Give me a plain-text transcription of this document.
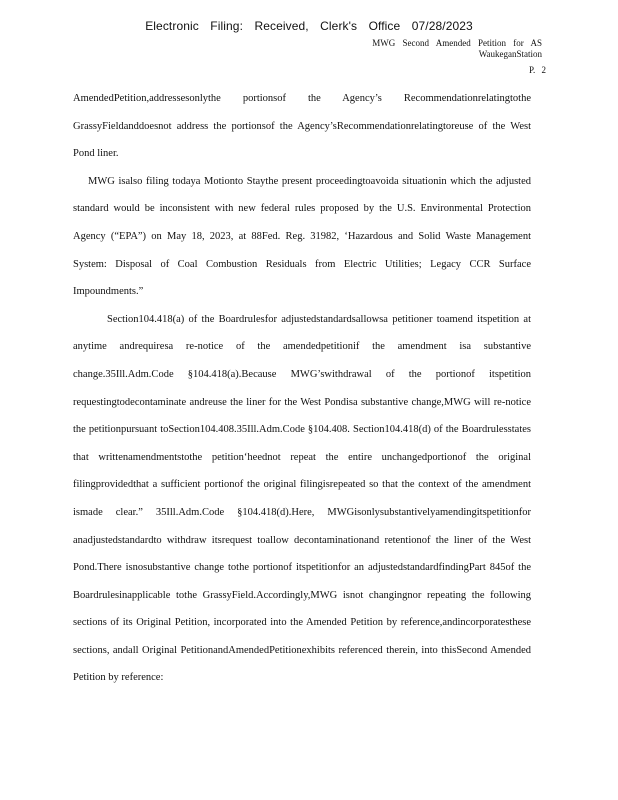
Electronic Filing: Received, Clerk's Office 07/28/2023
MWG Second Amended Petition for AS
WaukeganStation
P. 2

AmendedPetition,addressesonlythe portionsof the Agency’s Recommendationrelatingtothe GrassyFieldanddoesnot address the portionsof the Agency’sRecommendationrelatingtoreuse of the West Pond liner.

MWG isalso filing todaya Motionto Staythe present proceedingtoavoida situationin which the adjusted standard would be inconsistent with new federal rules proposed by the U.S. Environmental Protection Agency (“EPA”) on May 18, 2023, at 88Fed. Reg. 31982, ‘Hazardous and Solid Waste Management System: Disposal of Coal Combustion Residuals from Electric Utilities; Legacy CCR Surface Impoundments.”

Section104.418(a) of the Boardrulesfor adjustedstandardsallowsa petitioner toamend itspetition at anytime andrequiresa re-notice of the amendedpetitionif the amendment isa substantive change.35Ill.Adm.Code §104.418(a).Because MWG’swithdrawal of the portionof itspetition requestingtodecontaminate andreuse the liner for the West Pondisa substantive change,MWG will re-notice the petitionpursuant toSection104.408.35Ill.Adm.Code §104.408. Section104.418(d) of the Boardrulesstates that writtenamendmentstothe petition‘heednot repeat the entire unchangedportionof the original filingprovidedthat a sufficient portionof the original filingisrepeated so that the context of the amendment ismade clear.” 35Ill.Adm.Code §104.418(d).Here, MWGisonlysubstantivelyamendingitspetitionfor anadjustedstandardto withdraw itsrequest toallow decontaminationand retentionof the liner of the West Pond.There isnosubstantive change tothe portionof itspetitionfor an adjustedstandardfindingPart 845of the Boardrulesinapplicable tothe GrassyField.Accordingly,MWG isnot changingnor repeating the following sections of its Original Petition, incorporated into the Amended Petition by reference,andincorporatesthese sections, andall Original PetitionandAmendedPetitionexhibits referenced therein, into thisSecond Amended Petition by reference:
